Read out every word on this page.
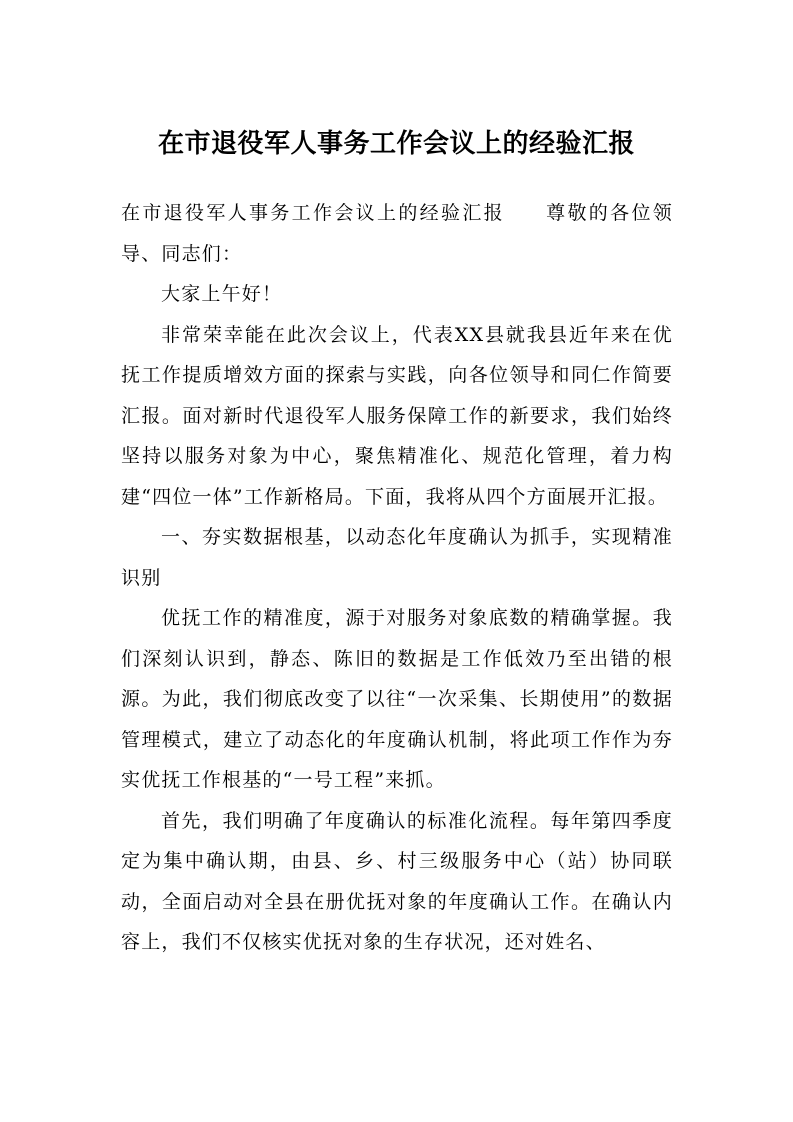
在市退役军人事务工作会议上的经验汇报

在市退役军人事务工作会议上的经验汇报 尊敬的各位领导、同志们：

大家上午好！

非常荣幸能在此次会议上，代表XX县就我县近年来在优抚工作提质增效方面的探索与实践，向各位领导和同仁作简要汇报。面对新时代退役军人服务保障工作的新要求，我们始终坚持以服务对象为中心，聚焦精准化、规范化管理，着力构建“四位一体”工作新格局。下面，我将从四个方面展开汇报。

一、夯实数据根基，以动态化年度确认为抓手，实现精准识别

优抚工作的精准度，源于对服务对象底数的精确掌握。我们深刻认识到，静态、陈旧的数据是工作低效乃至出错的根源。为此，我们彻底改变了以往“一次采集、长期使用”的数据管理模式，建立了动态化的年度确认机制，将此项工作作为夯实优抚工作根基的“一号工程”来抓。

首先，我们明确了年度确认的标准化流程。每年第四季度定为集中确认期，由县、乡、村三级服务中心（站）协同联动，全面启动对全县在册优抚对象的年度确认工作。在确认内容上，我们不仅核实优抚对象的生存状况，还对姓名、
